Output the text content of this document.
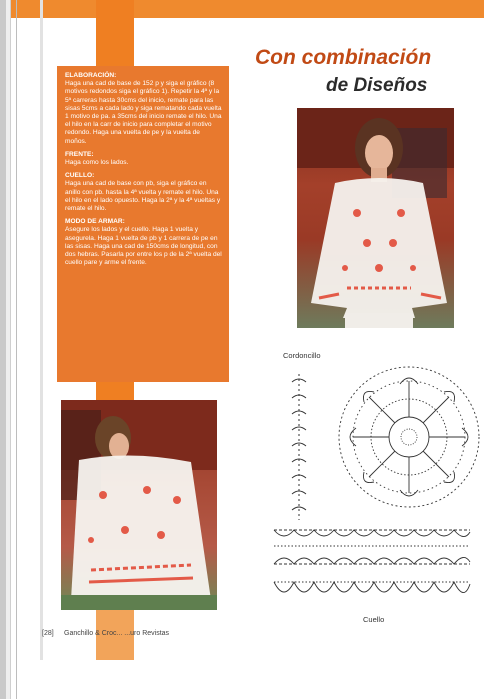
Blusa
Con combinación
de Diseños
ELABORACIÓN:

Haga una cad de base de 152 p y siga el gráfico (8 motivos redondos siga el gráfico 1). Repetir la 4ª y la 5ª carreras hasta 30cms del inicio, remate para las sisas 5cms a cada lado y siga rematando cada vuelta 1 motivo de pa. a 35cms del inicio remate el hilo. Una el hilo en la carr de inicio para completar el motivo redondo. Haga una vuelta de pe y la vuelta de moños.

FRENTE:

Haga como los lados.

CUELLO:

Haga una cad de base con pb, siga el gráfico en anillo con pb. hasta la 4ª vuelta y remate el hilo. Una el hilo en el lado opuesto. Haga la 2ª y la 4ª vueltas y remate el hilo.

MODO DE ARMAR:

Asegure los lados y el cuello. Haga 1 vuelta y asegurela. Haga 1 vuelta de pb y 1 carrera de pe en las sisas. Haga una cad de 150cms de longitud, con dos hebras. Pasarla por entre los p de la 2ª vuelta del cuello pare y arme el frente.

Cordoncillo
Cuello
[28] Ganchillo & Croc... ...uro Revistas
